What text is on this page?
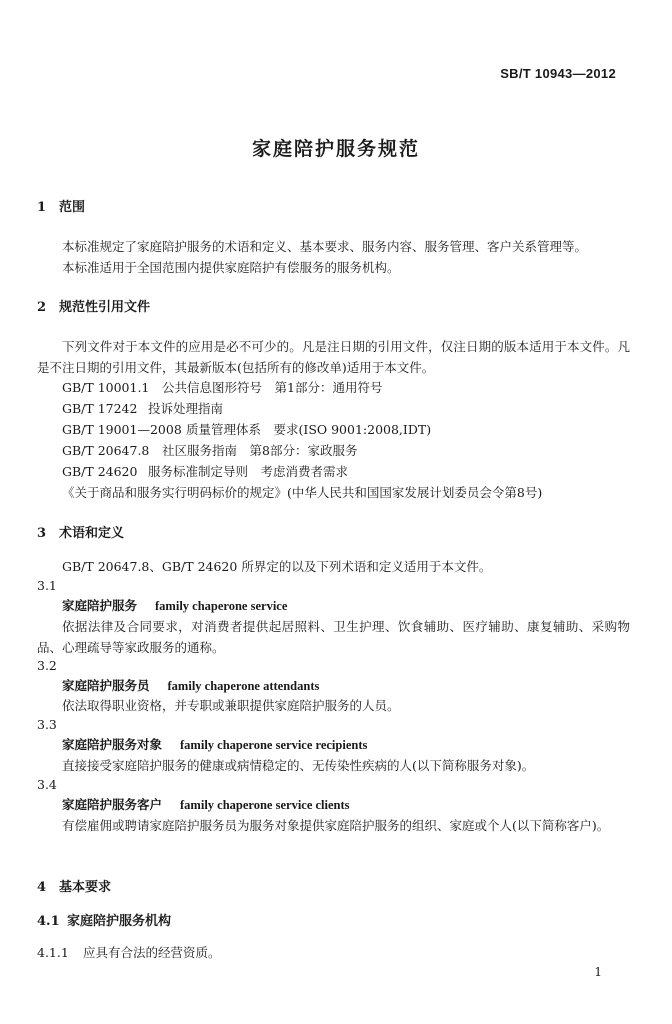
SB/T 10943—2012
家庭陪护服务规范
1 范围
本标准规定了家庭陪护服务的术语和定义、基本要求、服务内容、服务管理、客户关系管理等。
本标准适用于全国范围内提供家庭陪护有偿服务的服务机构。
2 规范性引用文件
下列文件对于本文件的应用是必不可少的。凡是注日期的引用文件，仅注日期的版本适用于本文件。凡是不注日期的引用文件，其最新版本(包括所有的修改单)适用于本文件。
GB/T 10001.1 公共信息图形符号　第1部分：通用符号
GB/T 17242 投诉处理指南
GB/T 19001—2008 质量管理体系　要求(ISO 9001:2008,IDT)
GB/T 20647.8 社区服务指南　第8部分：家政服务
GB/T 24620 服务标准制定导则　考虑消费者需求
《关于商品和服务实行明码标价的规定》(中华人民共和国国家发展计划委员会令第8号)
3 术语和定义
GB/T 20647.8、GB/T 24620 所界定的以及下列术语和定义适用于本文件。
3.1
家庭陪护服务 family chaperone service
依据法律及合同要求，对消费者提供起居照料、卫生护理、饮食辅助、医疗辅助、康复辅助、采购物品、心理疏导等家政服务的通称。
3.2
家庭陪护服务员 family chaperone attendants
依法取得职业资格，并专职或兼职提供家庭陪护服务的人员。
3.3
家庭陪护服务对象 family chaperone service recipients
直接接受家庭陪护服务的健康或病情稳定的、无传染性疾病的人(以下简称服务对象)。
3.4
家庭陪护服务客户 family chaperone service clients
有偿雇佣或聘请家庭陪护服务员为服务对象提供家庭陪护服务的组织、家庭或个人(以下简称客户)。
4 基本要求
4.1 家庭陪护服务机构
4.1.1 应具有合法的经营资质。
1
